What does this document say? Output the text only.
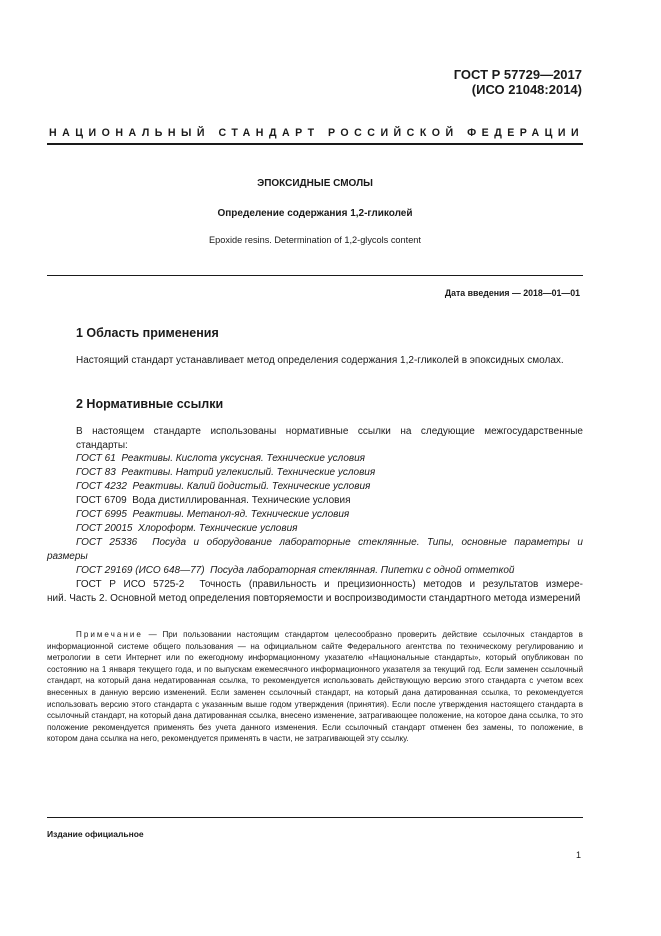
ГОСТ Р 57729—2017
(ИСО 21048:2014)
НАЦИОНАЛЬНЫЙ СТАНДАРТ РОССИЙСКОЙ ФЕДЕРАЦИИ
ЭПОКСИДНЫЕ СМОЛЫ
Определение содержания 1,2-гликолей
Epoxide resins. Determination of 1,2-glycols content
Дата введения — 2018—01—01
1 Область применения
Настоящий стандарт устанавливает метод определения содержания 1,2-гликолей в эпоксидных смолах.
2 Нормативные ссылки
В настоящем стандарте использованы нормативные ссылки на следующие межгосударственные стандарты:
ГОСТ 61 Реактивы. Кислота уксусная. Технические условия
ГОСТ 83 Реактивы. Натрий углекислый. Технические условия
ГОСТ 4232 Реактивы. Калий йодистый. Технические условия
ГОСТ 6709 Вода дистиллированная. Технические условия
ГОСТ 6995 Реактивы. Метанол-яд. Технические условия
ГОСТ 20015 Хлороформ. Технические условия
ГОСТ 25336 Посуда и оборудование лабораторные стеклянные. Типы, основные параметры и
размеры
ГОСТ 29169 (ИСО 648—77) Посуда лабораторная стеклянная. Пипетки с одной отметкой
ГОСТ Р ИСО 5725-2 Точность (правильность и прецизионность) методов и результатов измере-
ний. Часть 2. Основной метод определения повторяемости и воспроизводимости стандартного метода измерений
Примечание — При пользовании настоящим стандартом целесообразно проверить действие ссылочных стандартов в информационной системе общего пользования — на официальном сайте Федерального агентства по техническому регулированию и метрологии в сети Интернет или по ежегодному информационному указателю «Национальные стандарты», который опубликован по состоянию на 1 января текущего года, и по выпускам ежемесячного информационного указателя за текущий год. Если заменен ссылочный стандарт, на который дана недатированная ссылка, то рекомендуется использовать действующую версию этого стандарта с учетом всех внесенных в данную версию изменений. Если заменен ссылочный стандарт, на который дана датированная ссылка, то рекомендуется использовать версию этого стандарта с указанным выше годом утверждения (принятия). Если после утверждения настоящего стандарта в ссылочный стандарт, на который дана датированная ссылка, внесено изменение, затрагивающее положение, на которое дана ссылка, то это положение рекомендуется применять без учета данного изменения. Если ссылочный стандарт отменен без замены, то положение, в котором дана ссылка на него, рекомендуется применять в части, не затрагивающей эту ссылку.
Издание официальное
1
